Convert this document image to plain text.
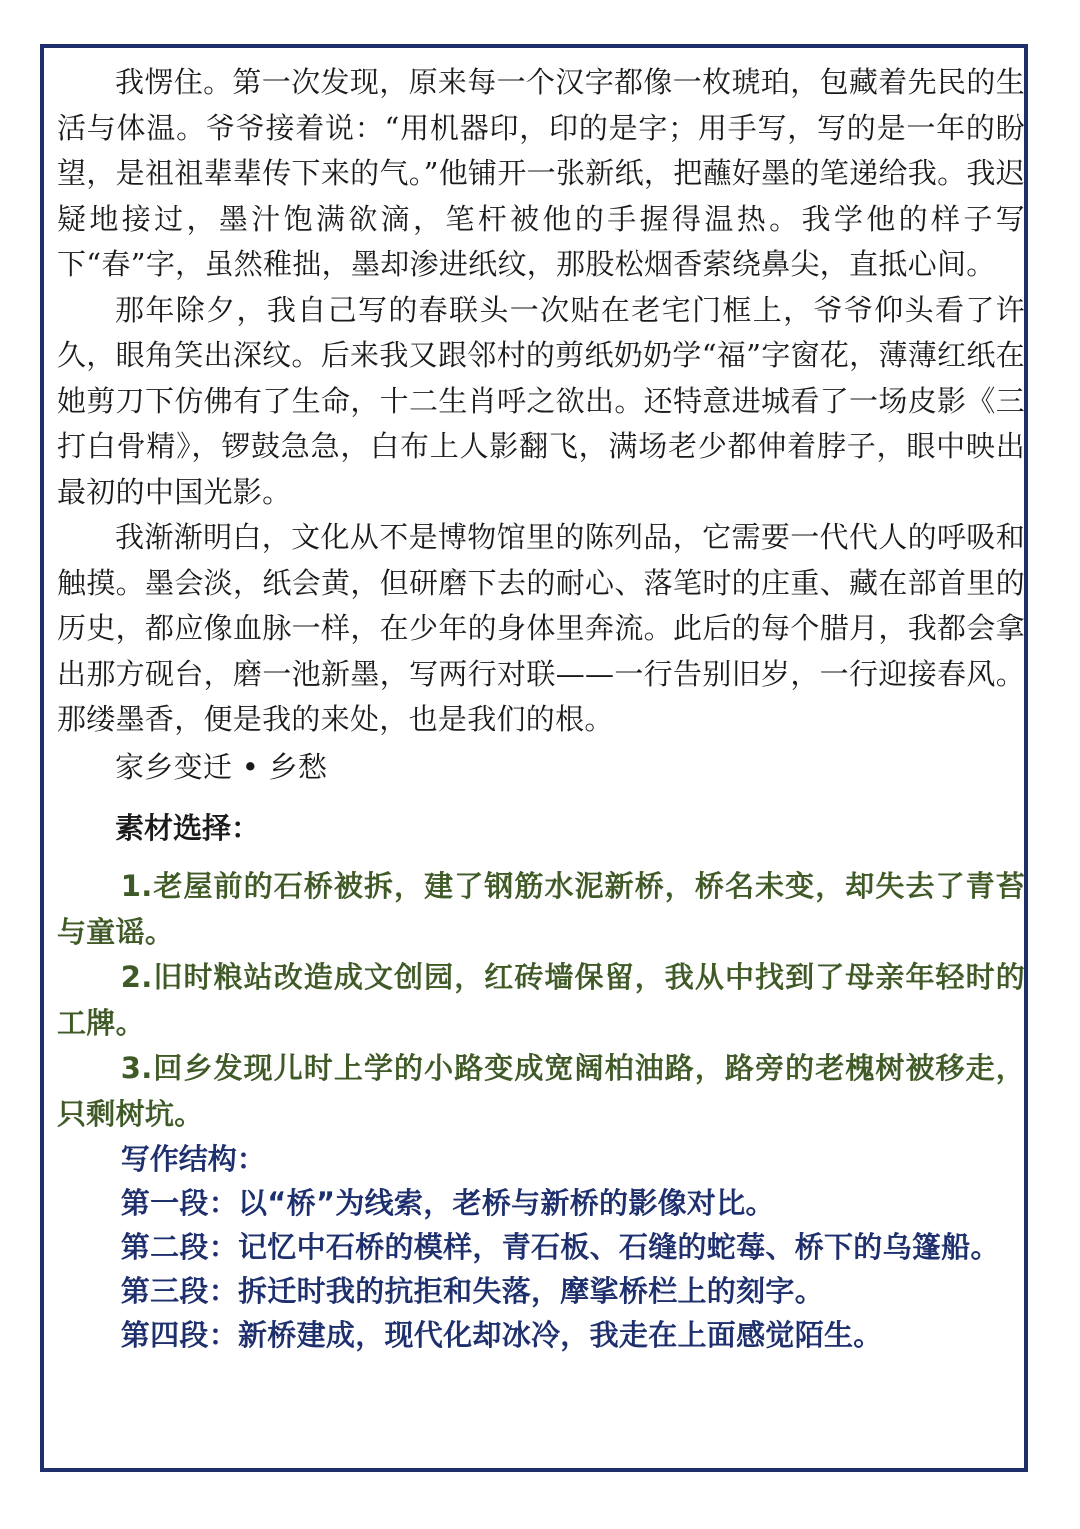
我愣住。第一次发现，原来每一个汉字都像一枚琥珀，包藏着先民的生活与体温。爷爷接着说：“用机器印，印的是字；用手写，写的是一年的盼望，是祖祖辈辈传下来的气。”他铺开一张新纸，把蘸好墨的笔递给我。我迟疑地接过，墨汁饱满欲滴，笔杆被他的手握得温热。我学他的样子写下“春”字，虽然稚拙，墨却渗进纸纹，那股松烟香萦绕鼻尖，直抵心间。

那年除夕，我自己写的春联头一次贴在老宅门框上，爷爷仰头看了许久，眼角笑出深纹。后来我又跟邻村的剪纸奶奶学“福”字窗花，薄薄红纸在她剪刀下仿佛有了生命，十二生肖呼之欲出。还特意进城看了一场皮影《三打白骨精》，锣鼓急急，白布上人影翻飞，满场老少都伸着脖子，眼中映出最初的中国光影。

我渐渐明白，文化从不是博物馆里的陈列品，它需要一代代人的呼吸和触摸。墨会淡，纸会黄，但研磨下去的耐心、落笔时的庄重、藏在部首里的历史，都应像血脉一样，在少年的身体里奔流。此后的每个腊月，我都会拿出那方砚台，磨一池新墨，写两行对联——一行告别旧岁，一行迎接春风。那缕墨香，便是我的来处，也是我们的根。

家乡变迁 • 乡愁

素材选择：

1.老屋前的石桥被拆，建了钢筋水泥新桥，桥名未变，却失去了青苔与童谣。

2.旧时粮站改造成文创园，红砖墙保留，我从中找到了母亲年轻时的工牌。

3.回乡发现儿时上学的小路变成宽阔柏油路，路旁的老槐树被移走，只剩树坑。

写作结构：

第一段：以“桥”为线索，老桥与新桥的影像对比。

第二段：记忆中石桥的模样，青石板、石缝的蛇莓、桥下的乌篷船。

第三段：拆迁时我的抗拒和失落，摩挲桥栏上的刻字。

第四段：新桥建成，现代化却冰冷，我走在上面感觉陌生。
